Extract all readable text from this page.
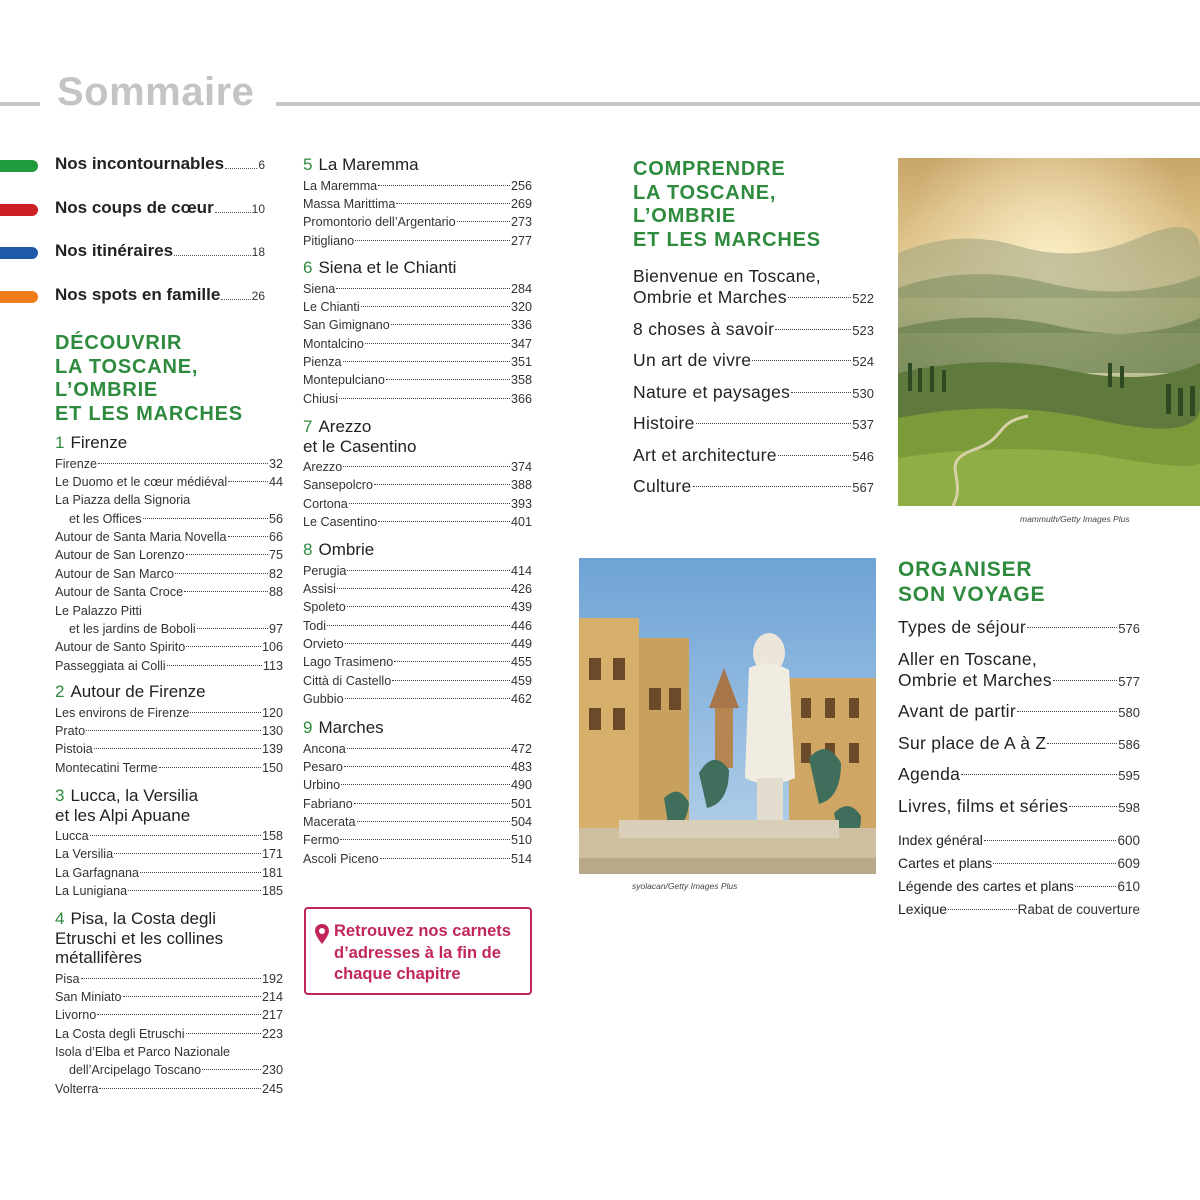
Sommaire
Nos incontournables	6
Nos coups de cœur	10
Nos itinéraires	18
Nos spots en famille	26
DÉCOUVRIR
LA TOSCANE,
L’OMBRIE
ET LES MARCHES
COMPRENDRE
LA TOSCANE,
L’OMBRIE
ET LES MARCHES
ORGANISER
SON VOYAGE
1 Firenze
Firenze	32
Le Duomo et le cœur médiéval	44
La Piazza della Signoria
et les Offices	56
Autour de Santa Maria Novella	66
Autour de San Lorenzo	75
Autour de San Marco	82
Autour de Santa Croce	88
Le Palazzo Pitti
et les jardins de Boboli	97
Autour de Santo Spirito	106
Passeggiata ai Colli	113
2 Autour de Firenze
Les environs de Firenze	120
Prato	130
Pistoia	139
Montecatini Terme	150
3 Lucca, la Versilia
et les Alpi Apuane
Lucca	158
La Versilia	171
La Garfagnana	181
La Lunigiana	185
4 Pisa, la Costa degli
Etruschi et les collines
métallifères
Pisa	192
San Miniato	214
Livorno	217
La Costa degli Etruschi	223
Isola d’Elba et Parco Nazionale
dell’Arcipelago Toscano	230
Volterra	245
5 La Maremma
La Maremma	256
Massa Marittima	269
Promontorio dell’Argentario	273
Pitigliano	277
6 Siena et le Chianti
Siena	284
Le Chianti	320
San Gimignano	336
Montalcino	347
Pienza	351
Montepulciano	358
Chiusi	366
7 Arezzo
et le Casentino
Arezzo	374
Sansepolcro	388
Cortona	393
Le Casentino	401
8 Ombrie
Perugia	414
Assisi	426
Spoleto	439
Todi	446
Orvieto	449
Lago Trasimeno	455
Città di Castello	459
Gubbio	462
9 Marches
Ancona	472
Pesaro	483
Urbino	490
Fabriano	501
Macerata	504
Fermo	510
Ascoli Piceno	514
Retrouvez nos carnets d’adresses à la fin de chaque chapitre
Bienvenue en Toscane,
Ombrie et Marches	522
8 choses à savoir	523
Un art de vivre	524
Nature et paysages	530
Histoire	537
Art et architecture	546
Culture	567
Types de séjour	576
Aller en Toscane,
Ombrie et Marches	577
Avant de partir	580
Sur place de A à Z	586
Agenda	595
Livres, films et séries	598
Index général	600
Cartes et plans	609
Légende des cartes et plans	610
Lexique	Rabat de couverture
mammuth/Getty Images Plus
syolacan/Getty Images Plus
